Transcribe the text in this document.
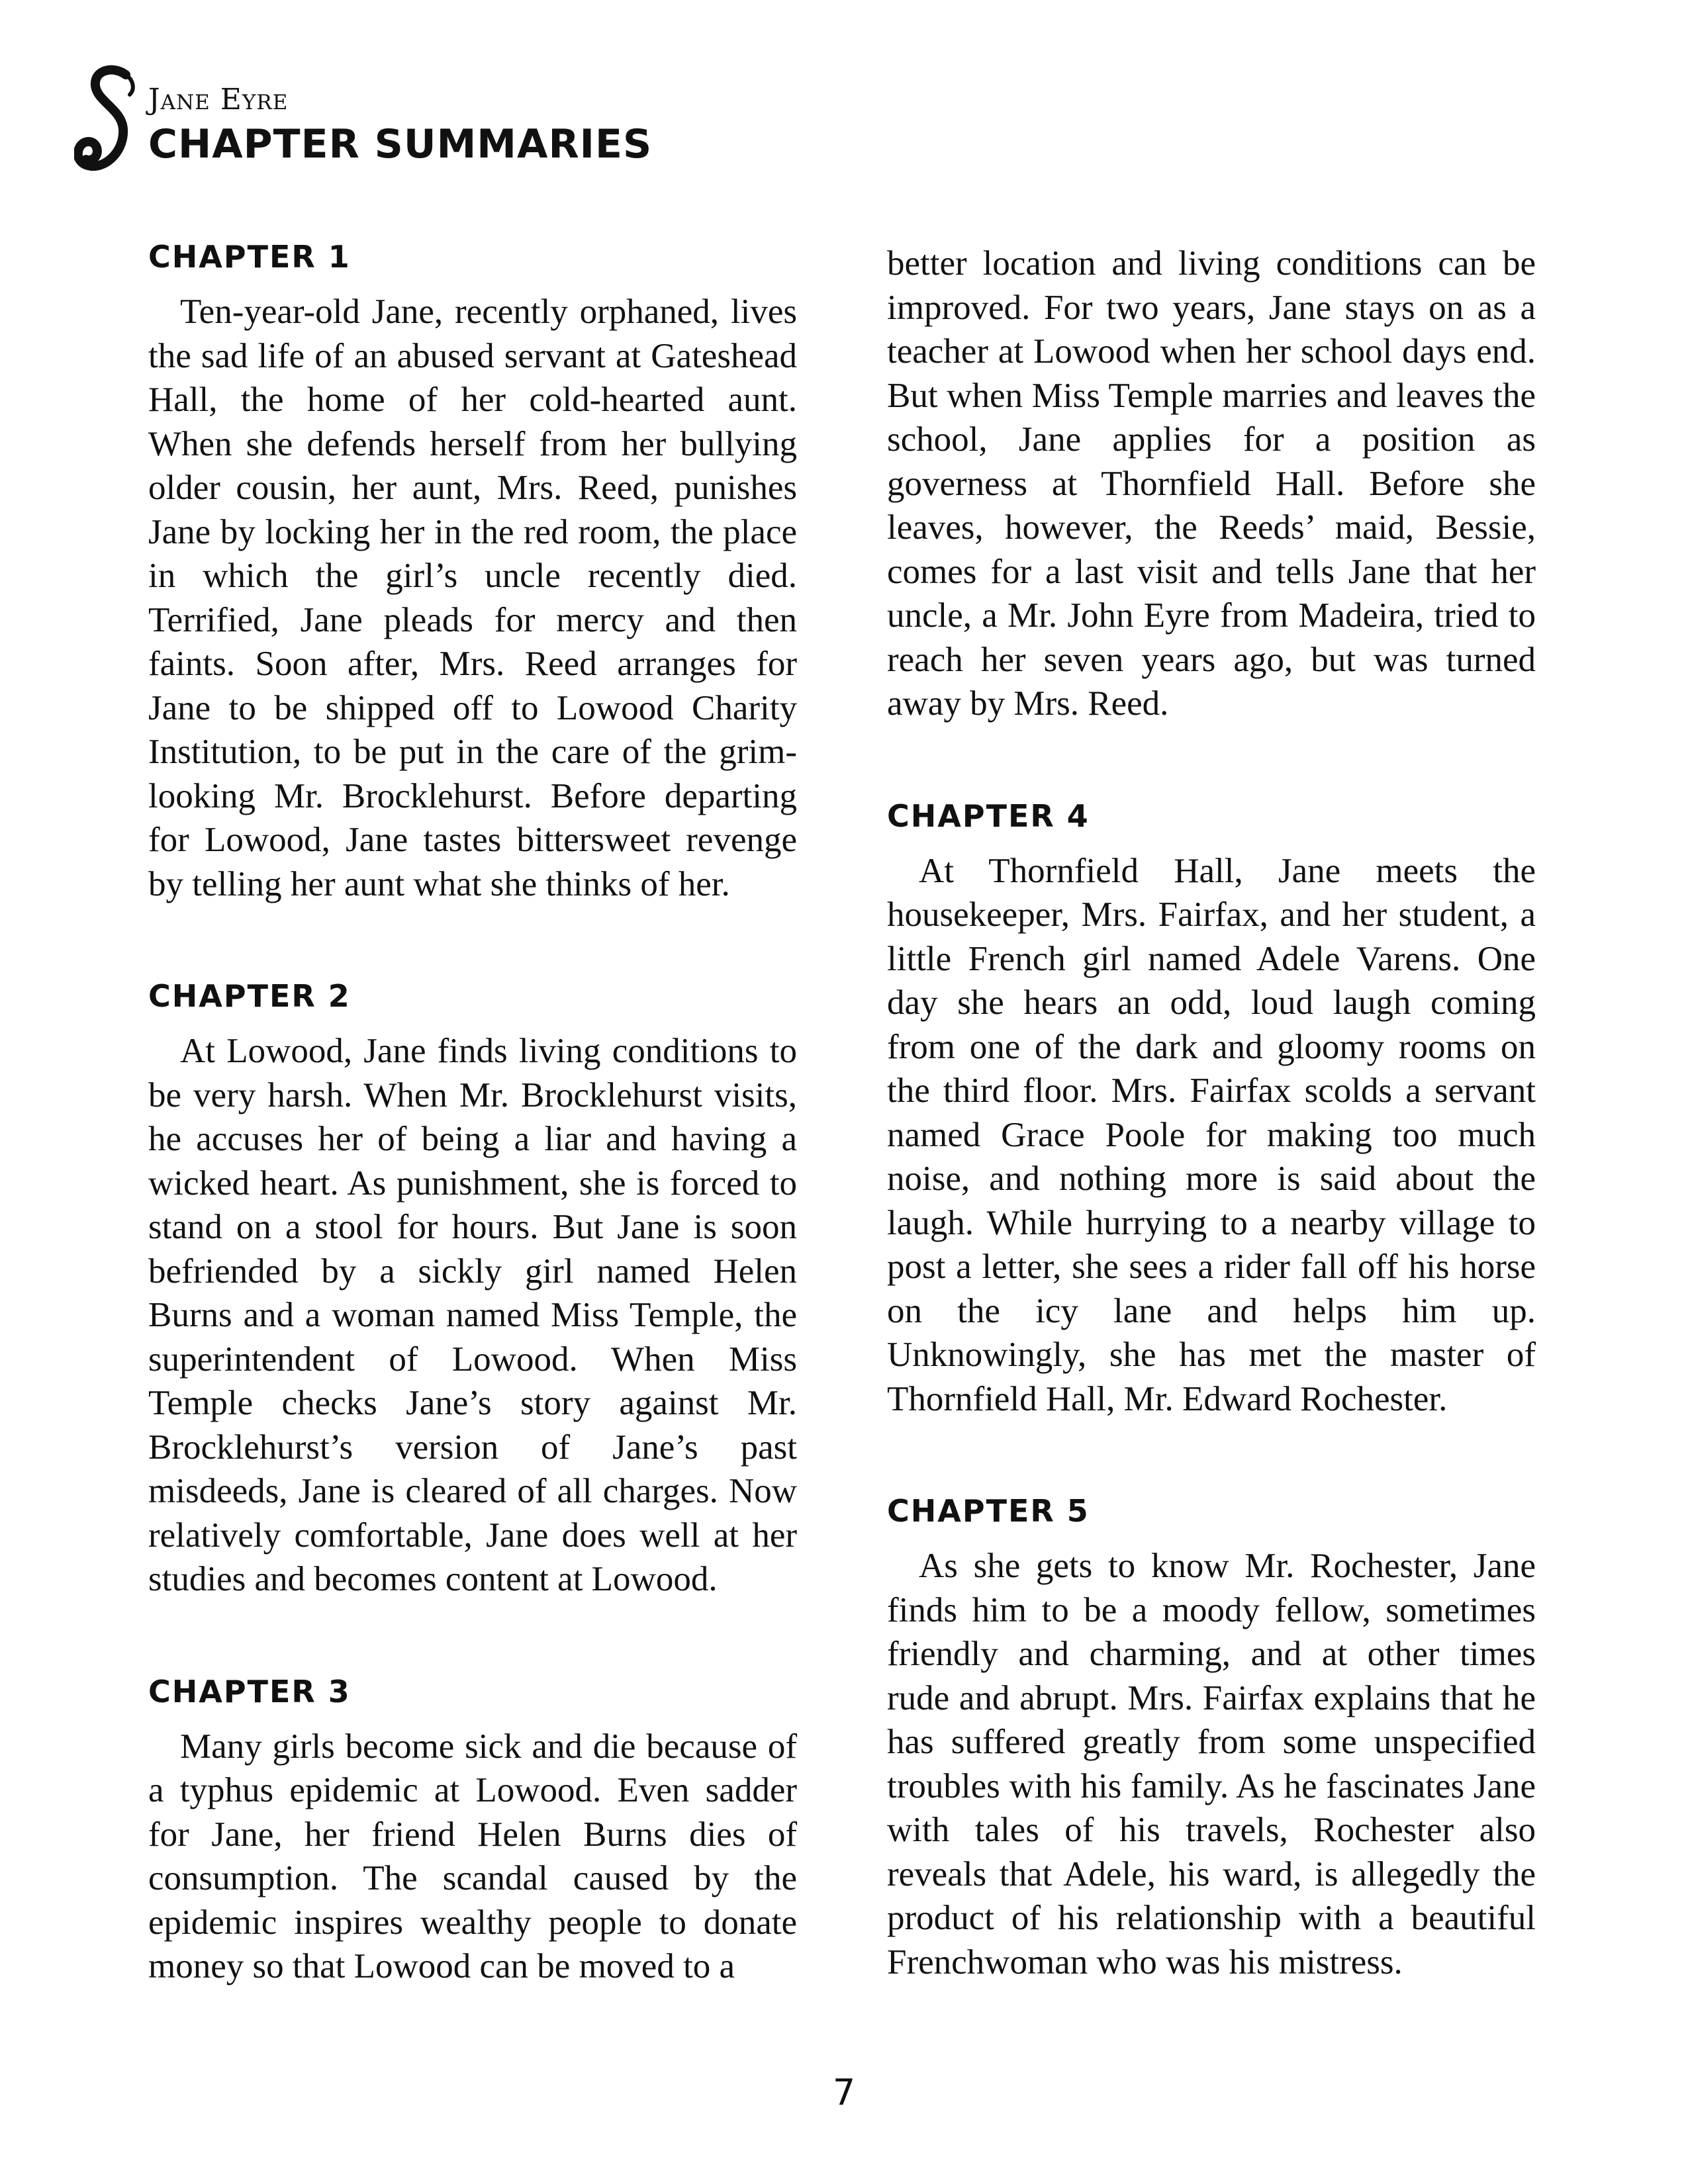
Jane Eyre
CHAPTER SUMMARIES
CHAPTER 1

Ten-year-old Jane, recently orphaned, lives the sad life of an abused servant at Gateshead Hall, the home of her cold-hearted aunt. When she defends herself from her bullying older cousin, her aunt, Mrs. Reed, punishes Jane by locking her in the red room, the place in which the girl’s uncle recently died. Terrified, Jane pleads for mercy and then faints. Soon after, Mrs. Reed arranges for Jane to be shipped off to Lowood Charity Institution, to be put in the care of the grim-looking Mr. Brocklehurst. Before departing for Lowood, Jane tastes bittersweet revenge by telling her aunt what she thinks of her.

CHAPTER 2

At Lowood, Jane finds living conditions to be very harsh. When Mr. Brocklehurst visits, he accuses her of being a liar and having a wicked heart. As punishment, she is forced to stand on a stool for hours. But Jane is soon befriended by a sickly girl named Helen Burns and a woman named Miss Temple, the superintendent of Lowood. When Miss Temple checks Jane’s story against Mr. Brocklehurst’s version of Jane’s past misdeeds, Jane is cleared of all charges. Now relatively comfortable, Jane does well at her studies and becomes content at Lowood.

CHAPTER 3

Many girls become sick and die because of a typhus epidemic at Lowood. Even sadder for Jane, her friend Helen Burns dies of consumption. The scandal caused by the epidemic inspires wealthy people to donate money so that Lowood can be moved to a

better location and living conditions can be improved. For two years, Jane stays on as a teacher at Lowood when her school days end. But when Miss Temple marries and leaves the school, Jane applies for a position as governess at Thornfield Hall. Before she leaves, however, the Reeds’ maid, Bessie, comes for a last visit and tells Jane that her uncle, a Mr. John Eyre from Madeira, tried to reach her seven years ago, but was turned away by Mrs. Reed.

CHAPTER 4

At Thornfield Hall, Jane meets the housekeeper, Mrs. Fairfax, and her student, a little French girl named Adele Varens. One day she hears an odd, loud laugh coming from one of the dark and gloomy rooms on the third floor. Mrs. Fairfax scolds a servant named Grace Poole for making too much noise, and nothing more is said about the laugh. While hurrying to a nearby village to post a letter, she sees a rider fall off his horse on the icy lane and helps him up. Unknowingly, she has met the master of Thornfield Hall, Mr. Edward Rochester.

CHAPTER 5

As she gets to know Mr. Rochester, Jane finds him to be a moody fellow, sometimes friendly and charming, and at other times rude and abrupt. Mrs. Fairfax explains that he has suffered greatly from some unspecified troubles with his family. As he fascinates Jane with tales of his travels, Rochester also reveals that Adele, his ward, is allegedly the product of his relationship with a beautiful Frenchwoman who was his mistress.

7
